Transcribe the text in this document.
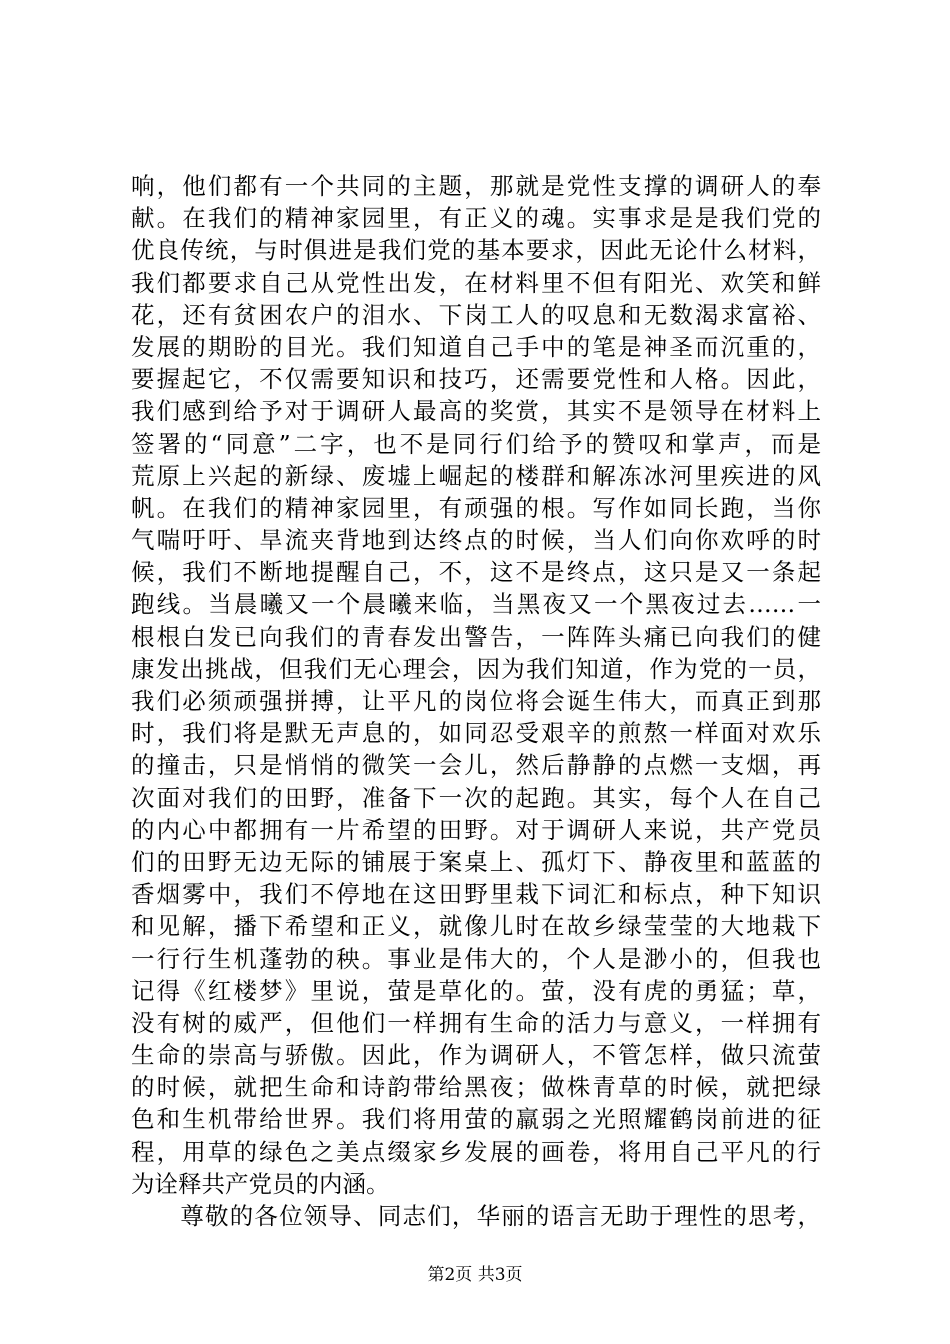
响，他们都有一个共同的主题，那就是党性支撑的调研人的奉
献。在我们的精神家园里，有正义的魂。实事求是是我们党的
优良传统，与时俱进是我们党的基本要求，因此无论什么材料，
我们都要求自己从党性出发，在材料里不但有阳光、欢笑和鲜
花，还有贫困农户的泪水、下岗工人的叹息和无数渴求富裕、
发展的期盼的目光。我们知道自己手中的笔是神圣而沉重的，
要握起它，不仅需要知识和技巧，还需要党性和人格。因此，
我们感到给予对于调研人最高的奖赏，其实不是领导在材料上
签署的“同意”二字，也不是同行们给予的赞叹和掌声，而是
荒原上兴起的新绿、废墟上崛起的楼群和解冻冰河里疾进的风
帆。在我们的精神家园里，有顽强的根。写作如同长跑，当你
气喘吁吁、旱流夹背地到达终点的时候，当人们向你欢呼的时
候，我们不断地提醒自己，不，这不是终点，这只是又一条起
跑线。当晨曦又一个晨曦来临，当黑夜又一个黑夜过去……一
根根白发已向我们的青春发出警告，一阵阵头痛已向我们的健
康发出挑战，但我们无心理会，因为我们知道，作为党的一员，
我们必须顽强拼搏，让平凡的岗位将会诞生伟大，而真正到那
时，我们将是默无声息的，如同忍受艰辛的煎熬一样面对欢乐
的撞击，只是悄悄的微笑一会儿，然后静静的点燃一支烟，再
次面对我们的田野，准备下一次的起跑。其实，每个人在自己
的内心中都拥有一片希望的田野。对于调研人来说，共产党员
们的田野无边无际的铺展于案桌上、孤灯下、静夜里和蓝蓝的
香烟雾中，我们不停地在这田野里栽下词汇和标点，种下知识
和见解，播下希望和正义，就像儿时在故乡绿莹莹的大地栽下
一行行生机蓬勃的秧。事业是伟大的，个人是渺小的，但我也
记得《红楼梦》里说，萤是草化的。萤，没有虎的勇猛；草，
没有树的威严，但他们一样拥有生命的活力与意义，一样拥有
生命的崇高与骄傲。因此，作为调研人，不管怎样，做只流萤
的时候，就把生命和诗韵带给黑夜；做株青草的时候，就把绿
色和生机带给世界。我们将用萤的羸弱之光照耀鹤岗前进的征
程，用草的绿色之美点缀家乡发展的画卷，将用自己平凡的行
为诠释共产党员的内涵。
　　尊敬的各位领导、同志们，华丽的语言无助于理性的思考，
第2页 共3页
